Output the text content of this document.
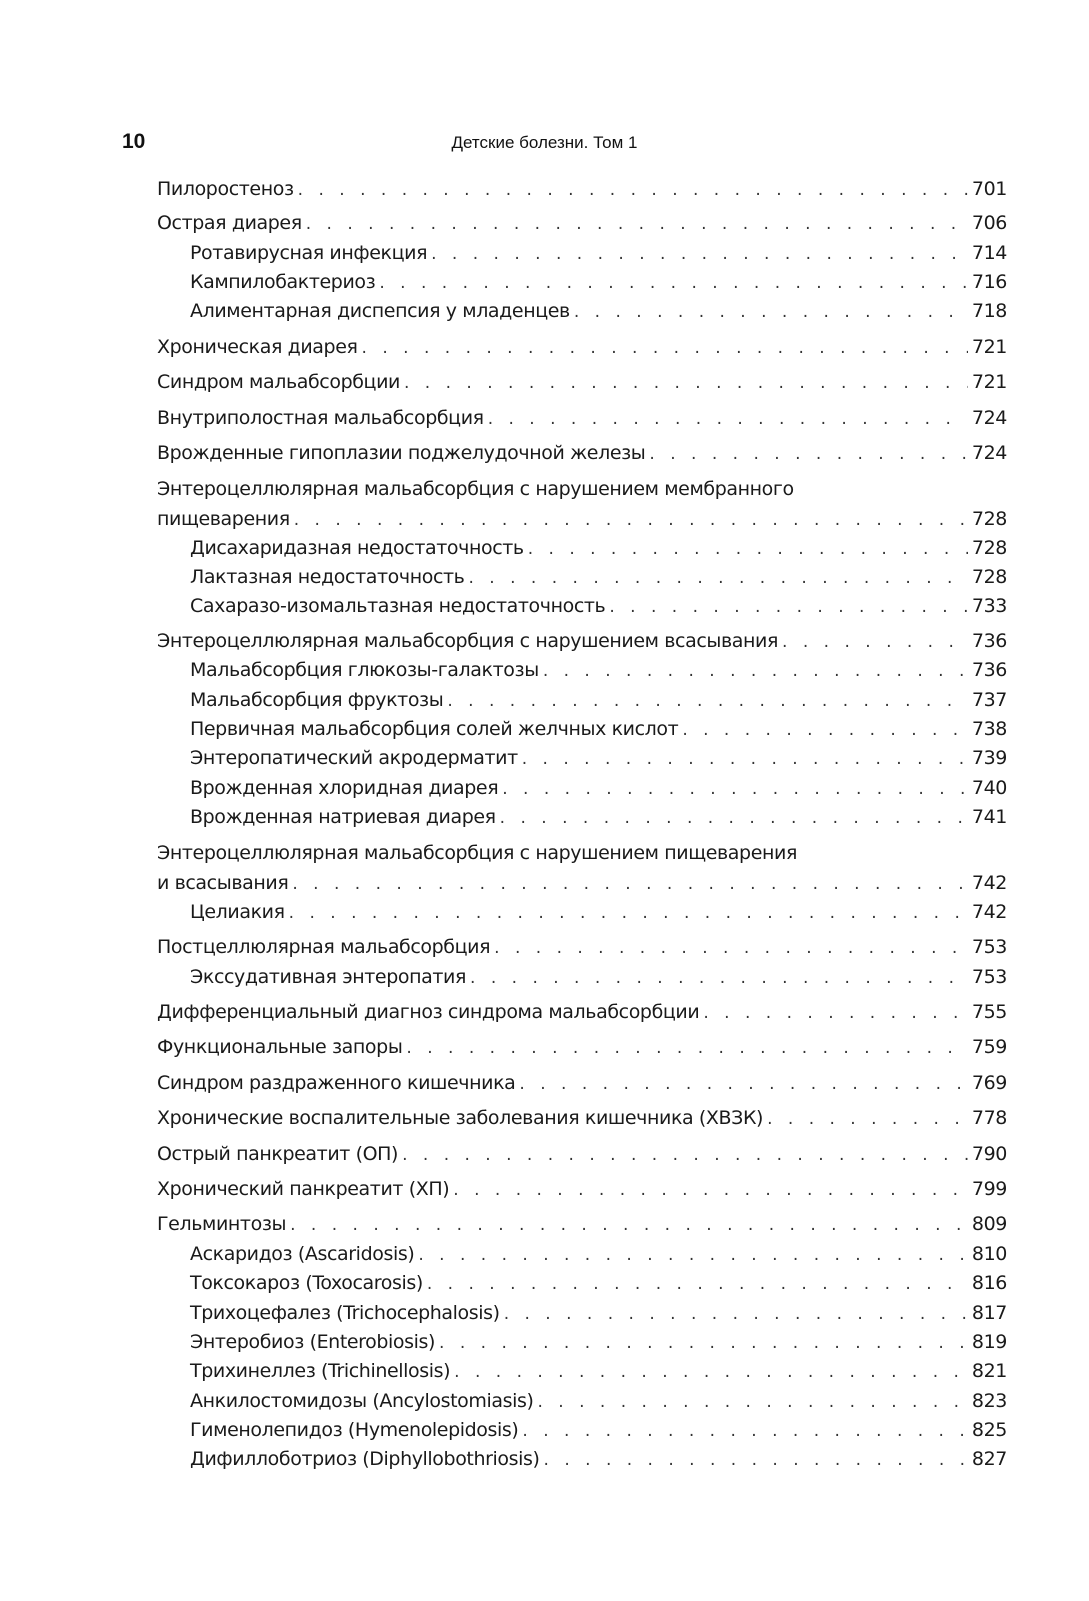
10	Детские болезни. Том 1
Пилоростеноз . . .	701
Острая диарея . . .	706
Ротавирусная инфекция . . .	714
Кампилобактериоз . . .	716
Алиментарная диспепсия у младенцев . . .	718
Хроническая диарея . . .	721
Синдром мальабсорбции . . .	721
Внутриполостная мальабсорбция . . .	724
Врожденные гипоплазии поджелудочной железы . . .	724
Энтероцеллюлярная мальабсорбция с нарушением мембранного
пищеварения . . .	728
Дисахаридазная недостаточность . . .	728
Лактазная недостаточность . . .	728
Сахаразо-изомальтазная недостаточность . . .	733
Энтероцеллюлярная мальабсорбция с нарушением всасывания . . .	736
Мальабсорбция глюкозы-галактозы . . .	736
Мальабсорбция фруктозы . . .	737
Первичная мальабсорбция солей желчных кислот . . .	738
Энтеропатический акродерматит . . .	739
Врожденная хлоридная диарея . . .	740
Врожденная натриевая диарея . . .	741
Энтероцеллюлярная мальабсорбция с нарушением пищеварения
и всасывания . . .	742
Целиакия . . .	742
Постцеллюлярная мальабсорбция . . .	753
Экссудативная энтеропатия . . .	753
Дифференциальный диагноз синдрома мальабсорбции . . .	755
Функциональные запоры . . .	759
Синдром раздраженного кишечника . . .	769
Хронические воспалительные заболевания кишечника (ХВЗК) . . .	778
Острый панкреатит (ОП) . . .	790
Хронический панкреатит (ХП) . . .	799
Гельминтозы . . .	809
Аскаридоз (Ascaridosis) . . .	810
Токсокароз (Toxocarosis) . . .	816
Трихоцефалез (Trichocephalosis) . . .	817
Энтеробиоз (Enterobiosis) . . .	819
Трихинеллез (Trichinellosis) . . .	821
Анкилостомидозы (Ancylostomiasis) . . .	823
Гименолепидоз (Hymenolepidosis) . . .	825
Дифиллоботриоз (Diphyllobothriosis) . . .	827
